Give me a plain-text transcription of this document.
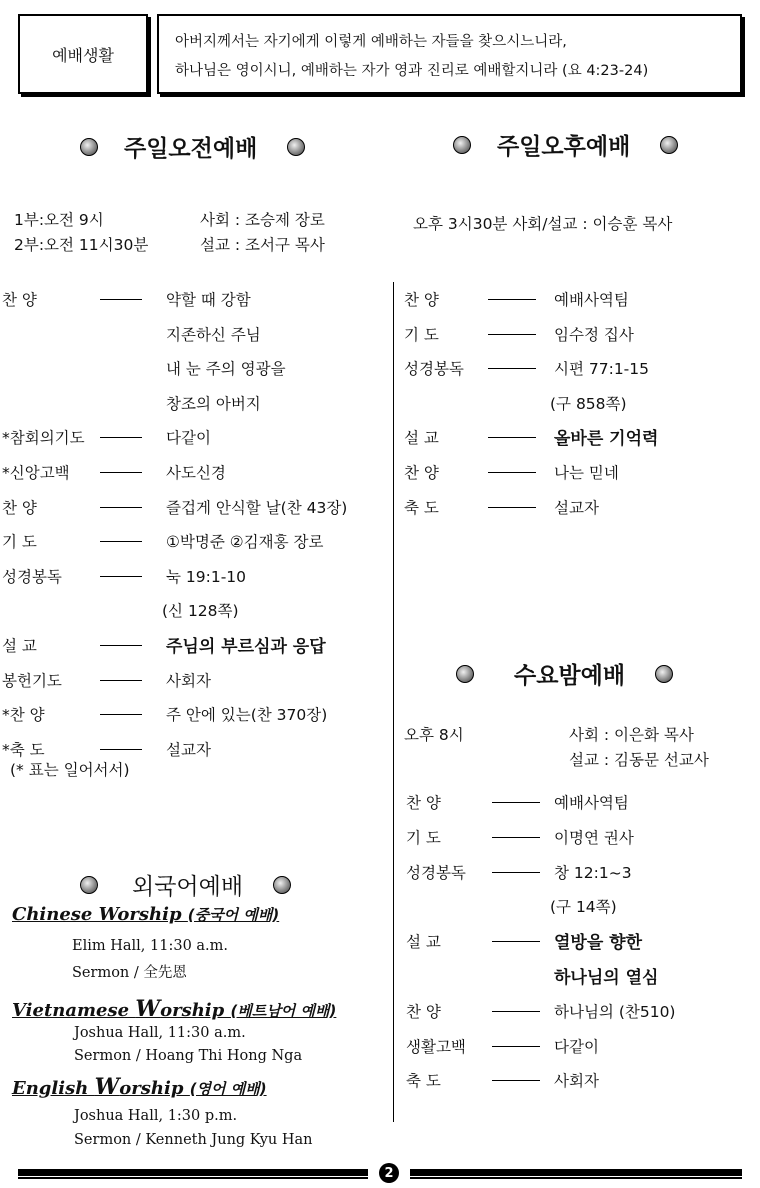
예배생활
아버지께서는 자기에게 이렇게 예배하는 자들을 찾으시느니라,
하나님은 영이시니, 예배하는 자가 영과 진리로 예배할지니라 (요 4:23-24)
주일오전예배	주일오후예배
1부:오전 9시	사회 : 조승제 장로
2부:오전 11시30분	설교 : 조서구 목사
오후 3시30분 사회/설교 : 이승훈 목사
찬 양	약할 때 강함
지존하신 주님
내 눈 주의 영광을
창조의 아버지
*참회의기도	다같이
*신앙고백	사도신경
찬 양	즐겁게 안식할 날(찬 43장)
기 도	①박명준 ②김재홍 장로
성경봉독	눅 19:1-10
(신 128쪽)
설 교	주님의 부르심과 응답
봉헌기도	사회자
*찬 양	주 안에 있는(찬 370장)
*축 도	설교자
찬 양	예배사역팀
기 도	임수정 집사
성경봉독	시편 77:1-15
(구 858쪽)
설 교	올바른 기억력
찬 양	나는 믿네
축 도	설교자
찬 양	예배사역팀
기 도	이명연 권사
성경봉독	창 12:1~3
(구 14쪽)
설 교	열방을 향한
하나님의 열심
찬 양	하나님의 (찬510)
생활고백	다같이
축 도	사회자
(* 표는 일어서서)
수요밤예배
오후 8시	사회 : 이은화 목사
설교 : 김동문 선교사
외국어예배
Chinese Worship (중국어 예배)
Elim Hall, 11:30 a.m.
Sermon / 全先恩
Vietnamese Worship (베트남어 예배)
Joshua Hall, 11:30 a.m.
Sermon / Hoang Thi Hong Nga
English Worship (영어 예배)
Joshua Hall, 1:30 p.m.
Sermon / Kenneth Jung Kyu Han
2
